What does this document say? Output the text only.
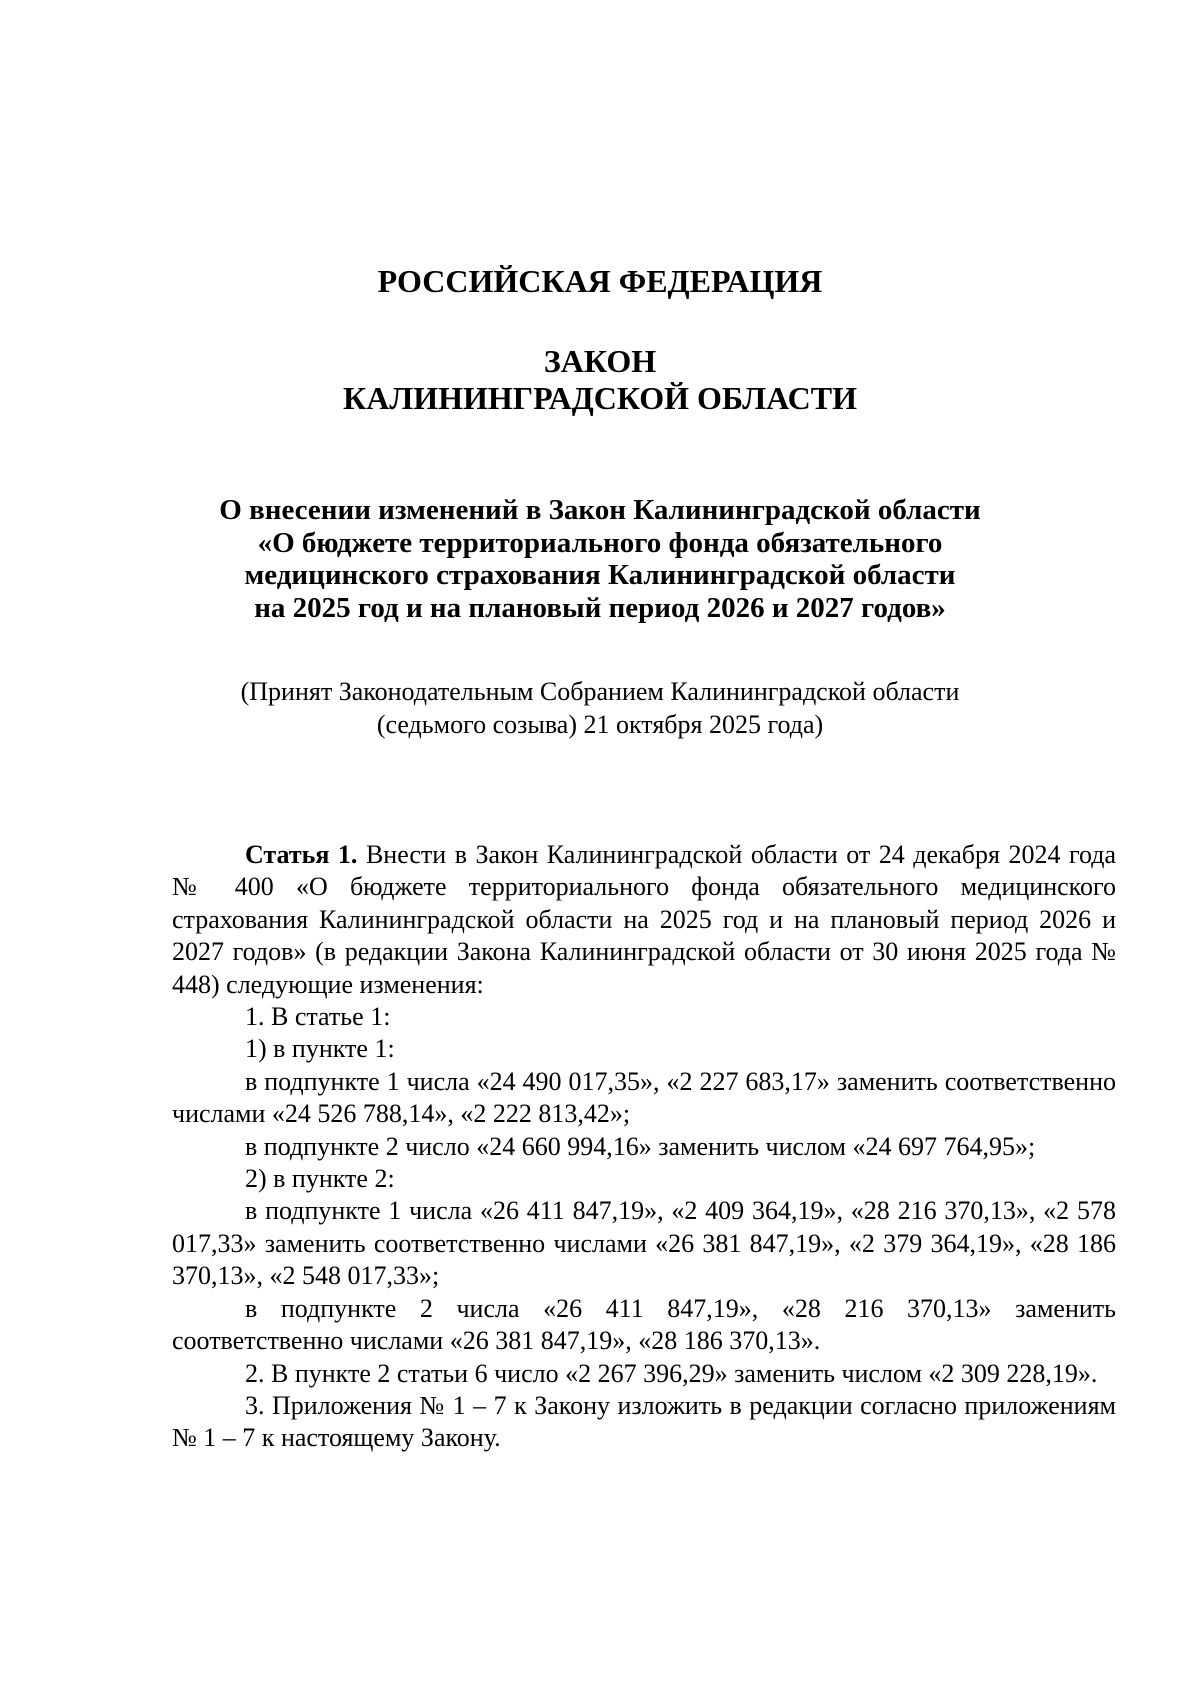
РОССИЙСКАЯ ФЕДЕРАЦИЯ
ЗАКОН
КАЛИНИНГРАДСКОЙ ОБЛАСТИ
О внесении изменений в Закон Калининградской области
«О бюджете территориального фонда обязательного
медицинского страхования Калининградской области
на 2025 год и на плановый период 2026 и 2027 годов»
(Принят Законодательным Собранием Калининградской области
(седьмого созыва) 21 октября 2025 года)

Статья 1. Внести в Закон Калининградской области от 24 декабря 2024 года № 400 «О бюджете территориального фонда обязательного медицинского страхования Калининградской области на 2025 год и на плановый период 2026 и 2027 годов» (в редакции Закона Калининградской области от 30 июня 2025 года № 448) следующие изменения:

1. В статье 1:

1) в пункте 1:

в подпункте 1 числа «24 490 017,35», «2 227 683,17» заменить соответственно числами «24 526 788,14», «2 222 813,42»;

в подпункте 2 число «24 660 994,16» заменить числом «24 697 764,95»;

2) в пункте 2:

в подпункте 1 числа «26 411 847,19», «2 409 364,19», «28 216 370,13», «2 578 017,33» заменить соответственно числами «26 381 847,19», «2 379 364,19», «28 186 370,13», «2 548 017,33»;

в подпункте 2 числа «26 411 847,19», «28 216 370,13» заменить соответственно числами «26 381 847,19», «28 186 370,13».

2. В пункте 2 статьи 6 число «2 267 396,29» заменить числом «2 309 228,19».

3. Приложения № 1 – 7 к Закону изложить в редакции согласно приложениям № 1 – 7 к настоящему Закону.
